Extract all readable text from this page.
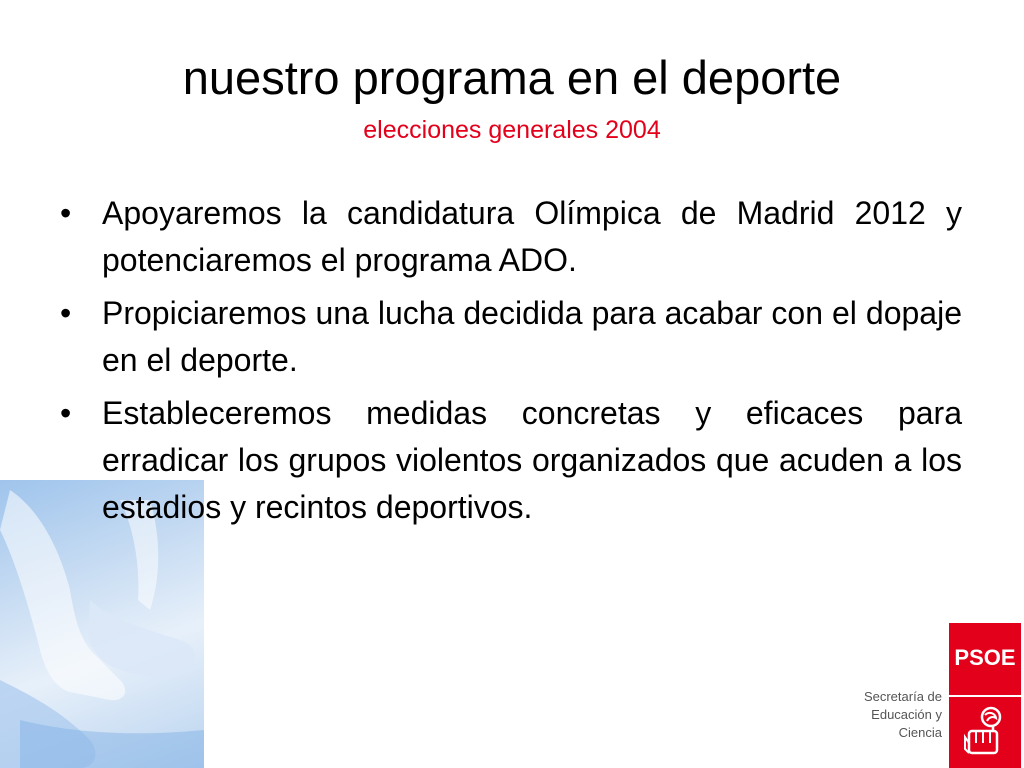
nuestro programa en el deporte
elecciones generales 2004
• Apoyaremos la candidatura Olímpica de Madrid 2012 y potenciaremos el programa ADO.
• Propiciaremos una lucha decidida para acabar con el dopaje en el deporte.
• Estableceremos medidas concretas y eficaces para erradicar los grupos violentos organizados que acuden a los estadios y recintos deportivos.
Secretaría de
Educación y
Ciencia
PSOE
